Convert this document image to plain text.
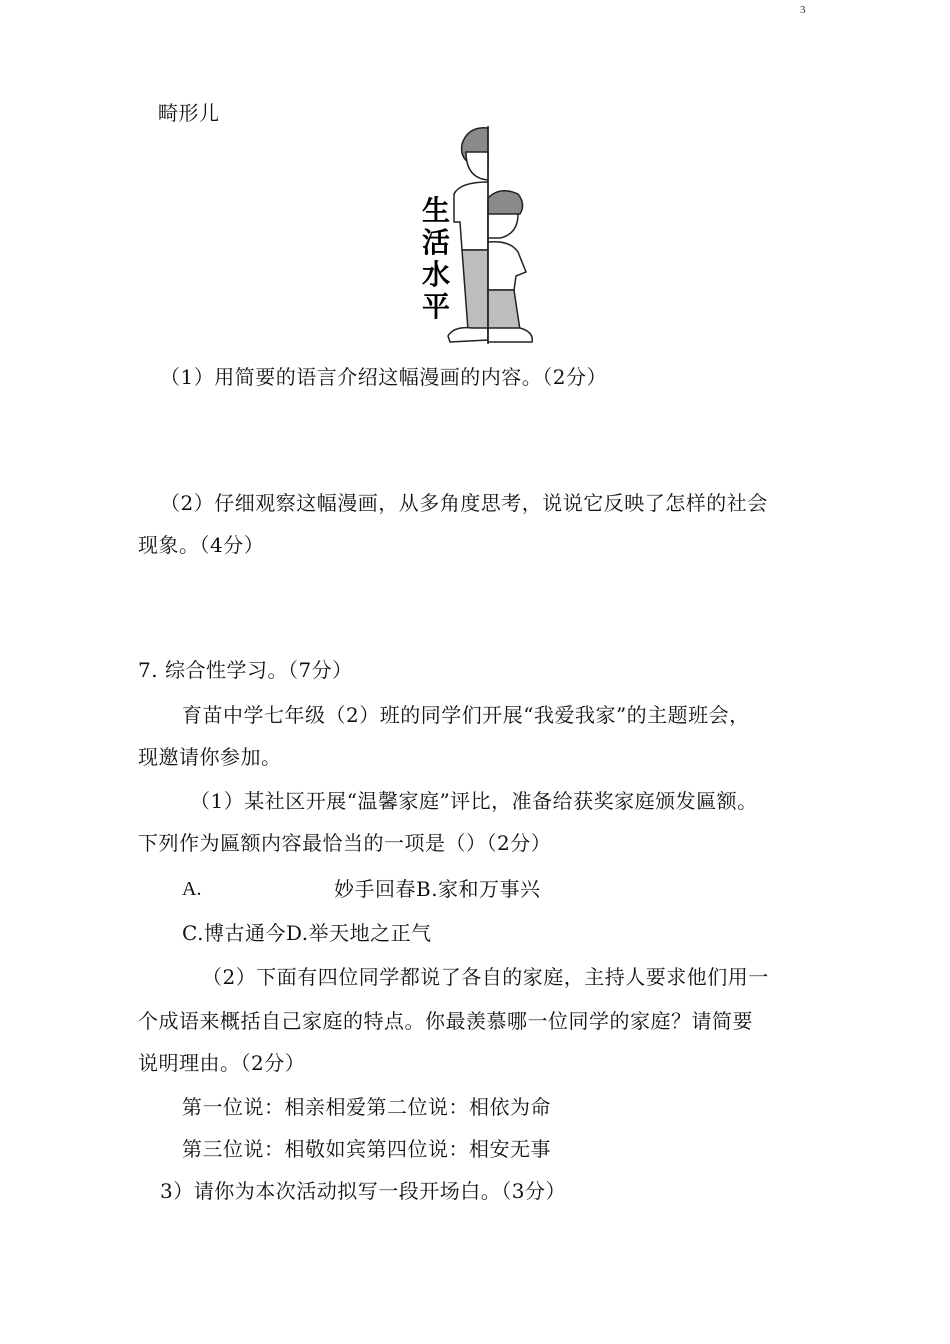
3
畸形儿
生
活
水
平
（1）用简要的语言介绍这幅漫画的内容。（2分）
（2）仔细观察这幅漫画，从多角度思考，说说它反映了怎样的社会
现象。（4分）
7. 综合性学习。（7分）
育苗中学七年级（2）班的同学们开展“我爱我家”的主题班会，
现邀请你参加。
（1）某社区开展“温馨家庭”评比，准备给获奖家庭颁发匾额。
下列作为匾额内容最恰当的一项是（）（2分）
A.	妙手回春B.家和万事兴
C.博古通今D.举天地之正气
（2）下面有四位同学都说了各自的家庭，主持人要求他们用一
个成语来概括自己家庭的特点。你最羡慕哪一位同学的家庭？请简要
说明理由。（2分）
第一位说：相亲相爱第二位说：相依为命
第三位说：相敬如宾第四位说：相安无事
3）请你为本次活动拟写一段开场白。（3分）
